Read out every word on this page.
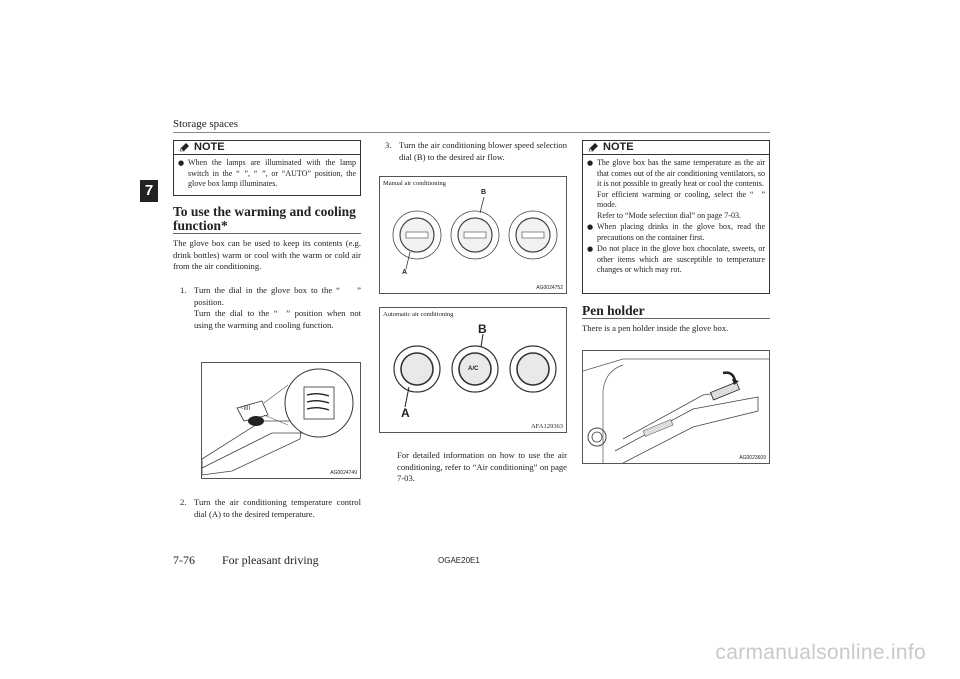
Storage spaces
7
NOTE
● When the lamps are illuminated with the lamp switch in the “   ”, “   ”, or “AUTO” position, the glove box lamp illuminates.
To use the warming and cooling function*
The glove box can be used to keep its contents (e.g. drink bottles) warm or cool with the warm or cold air from the air conditioning.
1. Turn the dial in the glove box to the “  ” position.
Turn the dial to the “ ” position when not using the warming and cooling function.
~IIII
AG0024749
2. Turn the air conditioning temperature control dial (A) to the desired temperature.
3. Turn the air conditioning blower speed selection dial (B) to the desired air flow.
Manual air conditioning
A
B
AG0024752
Automatic air conditioning
A/C
A
B
AFA129363
For detailed information on how to use the air conditioning, refer to “Air conditioning” on page 7-03.
NOTE
● The glove box has the same temperature as the air that comes out of the air conditioning ventilators, so it is not possible to greatly heat or cool the contents.
For efficient warming or cooling, select the “ ” mode.
Refer to “Mode selection dial” on page 7-03.
● When placing drinks in the glove box, read the precautions on the container first.
● Do not place in the glove box chocolate, sweets, or other items which are susceptible to temperature changes or which may rot.
Pen holder
There is a pen holder inside the glove box.
AG0023609
7-76 For pleasant driving	OGAE20E1
carmanualsonline.info
